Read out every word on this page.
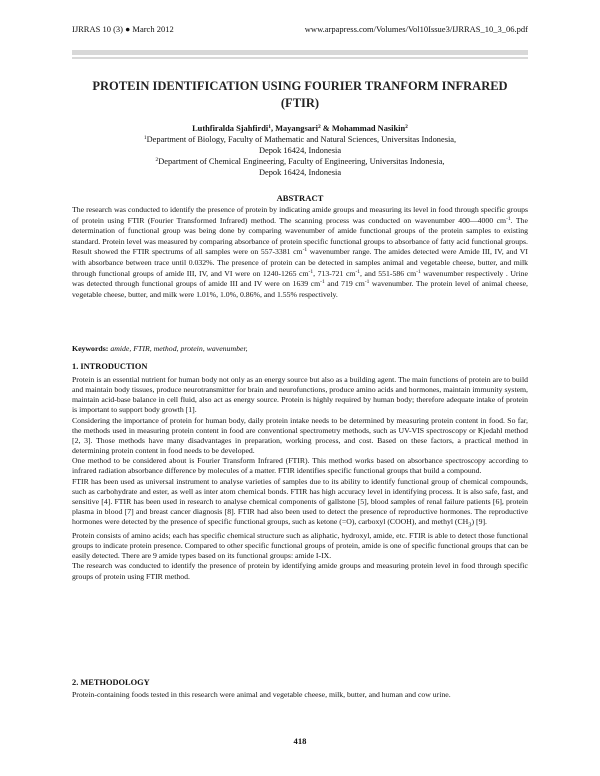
IJRRAS 10 (3) ● March 2012	www.arpapress.com/Volumes/Vol10Issue3/IJRRAS_10_3_06.pdf
PROTEIN IDENTIFICATION USING FOURIER TRANFORM INFRARED (FTIR)
Luthfiralda Sjahfirdi$^1$, Mayangsari$^2$ & Mohammad Nasikin$^2$
$^1$Department of Biology, Faculty of Mathematic and Natural Sciences, Universitas Indonesia,
Depok 16424, Indonesia
$^2$Department of Chemical Engineering, Faculty of Engineering, Universitas Indonesia,
Depok 16424, Indonesia
ABSTRACT
The research was conducted to identify the presence of protein by indicating amide groups and measuring its level in food through specific groups of protein using FTIR (Fourier Transformed Infrared) method. The scanning process was conducted on wavenumber 400—4000 $cm^{-1}$. The determination of functional group was being done by comparing wavenumber of amide functional groups of the protein samples to existing standard. Protein level was measured by comparing absorbance of protein specific functional groups to absorbance of fatty acid functional groups. Result showed the FTIR spectrums of all samples were on 557-3381 $cm^{-1}$ wavenumber range. The amides detected were Amide III, IV, and VI with absorbance between trace until 0.032%. The presence of protein can be detected in samples animal and vegetable cheese, butter, and milk through functional groups of amide III, IV, and VI were on 1240-1265 $cm^{-1}$, 713-721 $cm^{-1}$, and 551-586 $cm^{-1}$ wavenumber respectively . Urine was detected through functional groups of amide III and IV were on 1639 $cm^{-1}$ and 719 $cm^{-1}$ wavenumber. The protein level of animal cheese, vegetable cheese, butter, and milk were 1.01%, 1.0%, 0.86%, and 1.55% respectively.
Keywords: amide, FTIR, method, protein, wavenumber,
1. INTRODUCTION

Protein is an essential nutrient for human body not only as an energy source but also as a building agent. The main functions of protein are to build and maintain body tissues, produce neurotransmitter for brain and neurofunctions, produce amino acids and hormones, maintain immunity system, maintain acid-base balance in cell fluid, also act as energy source. Protein is highly required by human body; therefore adequate intake of protein is important to support body growth [1].

Considering the importance of protein for human body, daily protein intake needs to be determined by measuring protein content in food. So far, the methods used in measuring protein content in food are conventional spectrometry methods, such as UV-VIS spectroscopy or Kjedahl method [2, 3]. Those methods have many disadvantages in preparation, working process, and cost. Based on these factors, a practical method in determining protein content in food needs to be developed.

One method to be considered about is Fourier Transform Infrared (FTIR). This method works based on absorbance spectroscopy according to infrared radiation absorbance difference by molecules of a matter. FTIR identifies specific functional groups that build a compound.

FTIR has been used as universal instrument to analyse varieties of samples due to its ability to identify functional group of chemical compounds, such as carbohydrate and ester, as well as inter atom chemical bonds. FTIR has high accuracy level in identifying process. It is also safe, fast, and sensitive [4]. FTIR has been used in research to analyse chemical components of gallstone [5], blood samples of renal failure patients [6], protein plasma in blood [7] and breast cancer diagnosis [8]. FTIR had also been used to detect the presence of reproductive hormones. The reproductive hormones were detected by the presence of specific functional groups, such as ketone (=O), carboxyl (COOH), and methyl $(CH_3)$ [9].

Protein consists of amino acids; each has specific chemical structure such as aliphatic, hydroxyl, amide, etc. FTIR is able to detect those functional groups to indicate protein presence. Compared to other specific functional groups of protein, amide is one of specific functional groups that can be easily detected. There are 9 amide types based on its functional groups: amide I-IX.

The research was conducted to identify the presence of protein by identifying amide groups and measuring protein level in food through specific groups of protein using FTIR method.

2. METHODOLOGY
Protein-containing foods tested in this research were animal and vegetable cheese, milk, butter, and human and cow urine.
418
